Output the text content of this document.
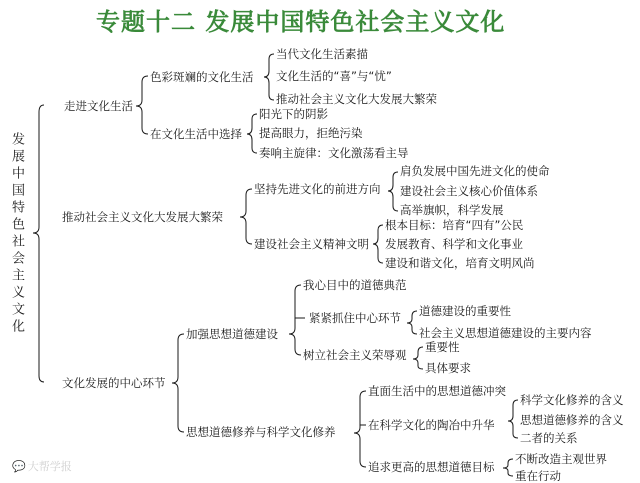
专题十二 发展中国特色社会主义文化
发展中国特色社会主义文化
走进文化生活
色彩斑斓的文化生活
当代文化生活素描
文化生活的“喜”与“忧”
推动社会主义文化大发展大繁荣
在文化生活中选择
阳光下的阴影
提高眼力，拒绝污染
奏响主旋律：文化激荡看主导
推动社会主义文化大发展大繁荣
坚持先进文化的前进方向
肩负发展中国先进文化的使命
建设社会主义核心价值体系
高举旗帜，科学发展
建设社会主义精神文明
根本目标：培育“四有”公民
发展教育、科学和文化事业
建设和谐文化，培育文明风尚
文化发展的中心环节
加强思想道德建设
我心目中的道德典范
紧紧抓住中心环节 道德建设的重要性
社会主义思想道德建设的主要内容
树立社会主义荣辱观
重要性
具体要求
思想道德修养与科学文化修养
直面生活中的思想道德冲突
在科学文化的陶冶中升华
科学文化修养的含义
思想道德修养的含义
二者的关系
追求更高的思想道德目标
不断改造主观世界
重在行动
💬 大帮学报
